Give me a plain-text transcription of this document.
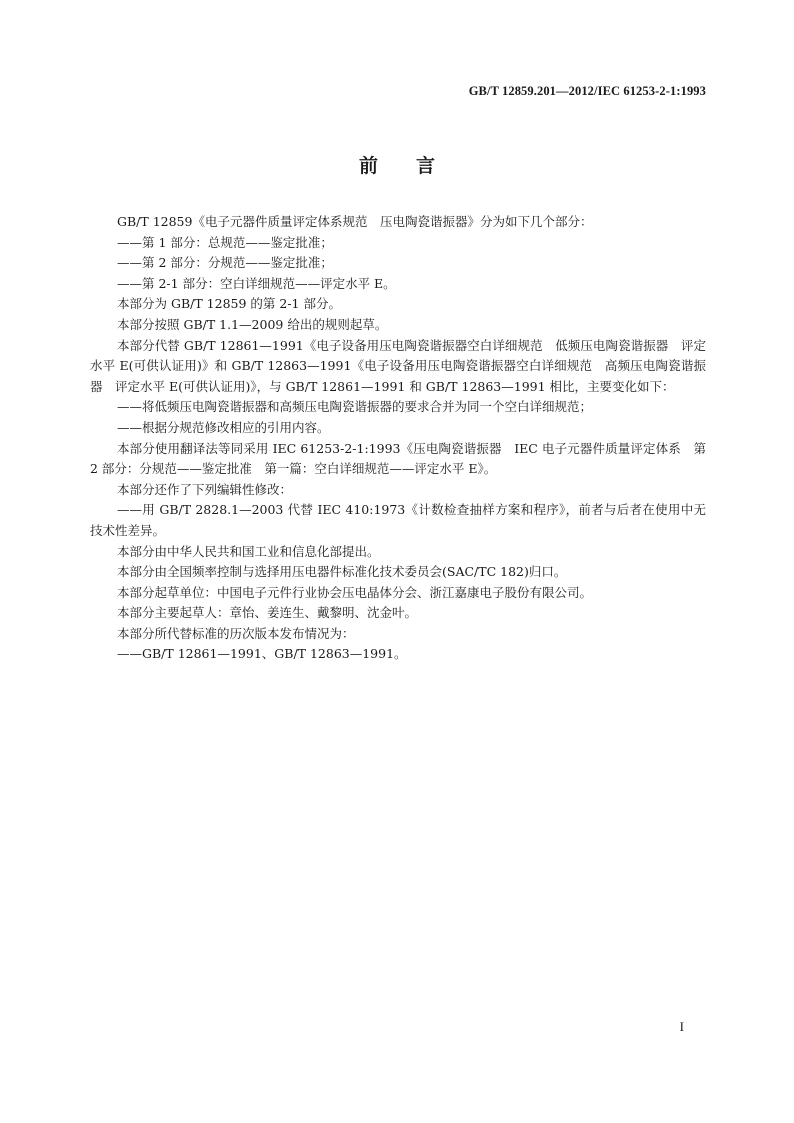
GB/T 12859.201—2012/IEC 61253-2-1:1993
前言

GB/T 12859《电子元器件质量评定体系规范　压电陶瓷谐振器》分为如下几个部分：

——第 1 部分：总规范——鉴定批准；

——第 2 部分：分规范——鉴定批准；

——第 2-1 部分：空白详细规范——评定水平 E。

本部分为 GB/T 12859 的第 2-1 部分。

本部分按照 GB/T 1.1—2009 给出的规则起草。

本部分代替 GB/T 12861—1991《电子设备用压电陶瓷谐振器空白详细规范　低频压电陶瓷谐振器　评定水平 E(可供认证用)》和 GB/T 12863—1991《电子设备用压电陶瓷谐振器空白详细规范　高频压电陶瓷谐振器　评定水平 E(可供认证用)》，与 GB/T 12861—1991 和 GB/T 12863—1991 相比，主要变化如下：

——将低频压电陶瓷谐振器和高频压电陶瓷谐振器的要求合并为同一个空白详细规范；

——根据分规范修改相应的引用内容。

本部分使用翻译法等同采用 IEC 61253-2-1:1993《压电陶瓷谐振器　IEC 电子元器件质量评定体系　第 2 部分：分规范——鉴定批准　第一篇：空白详细规范——评定水平 E》。

本部分还作了下列编辑性修改：

——用 GB/T 2828.1—2003 代替 IEC 410:1973《计数检查抽样方案和程序》，前者与后者在使用中无技术性差异。

本部分由中华人民共和国工业和信息化部提出。

本部分由全国频率控制与选择用压电器件标准化技术委员会(SAC/TC 182)归口。

本部分起草单位：中国电子元件行业协会压电晶体分会、浙江嘉康电子股份有限公司。

本部分主要起草人：章怡、姜连生、戴黎明、沈金叶。

本部分所代替标准的历次版本发布情况为：

——GB/T 12861—1991、GB/T 12863—1991。

I
